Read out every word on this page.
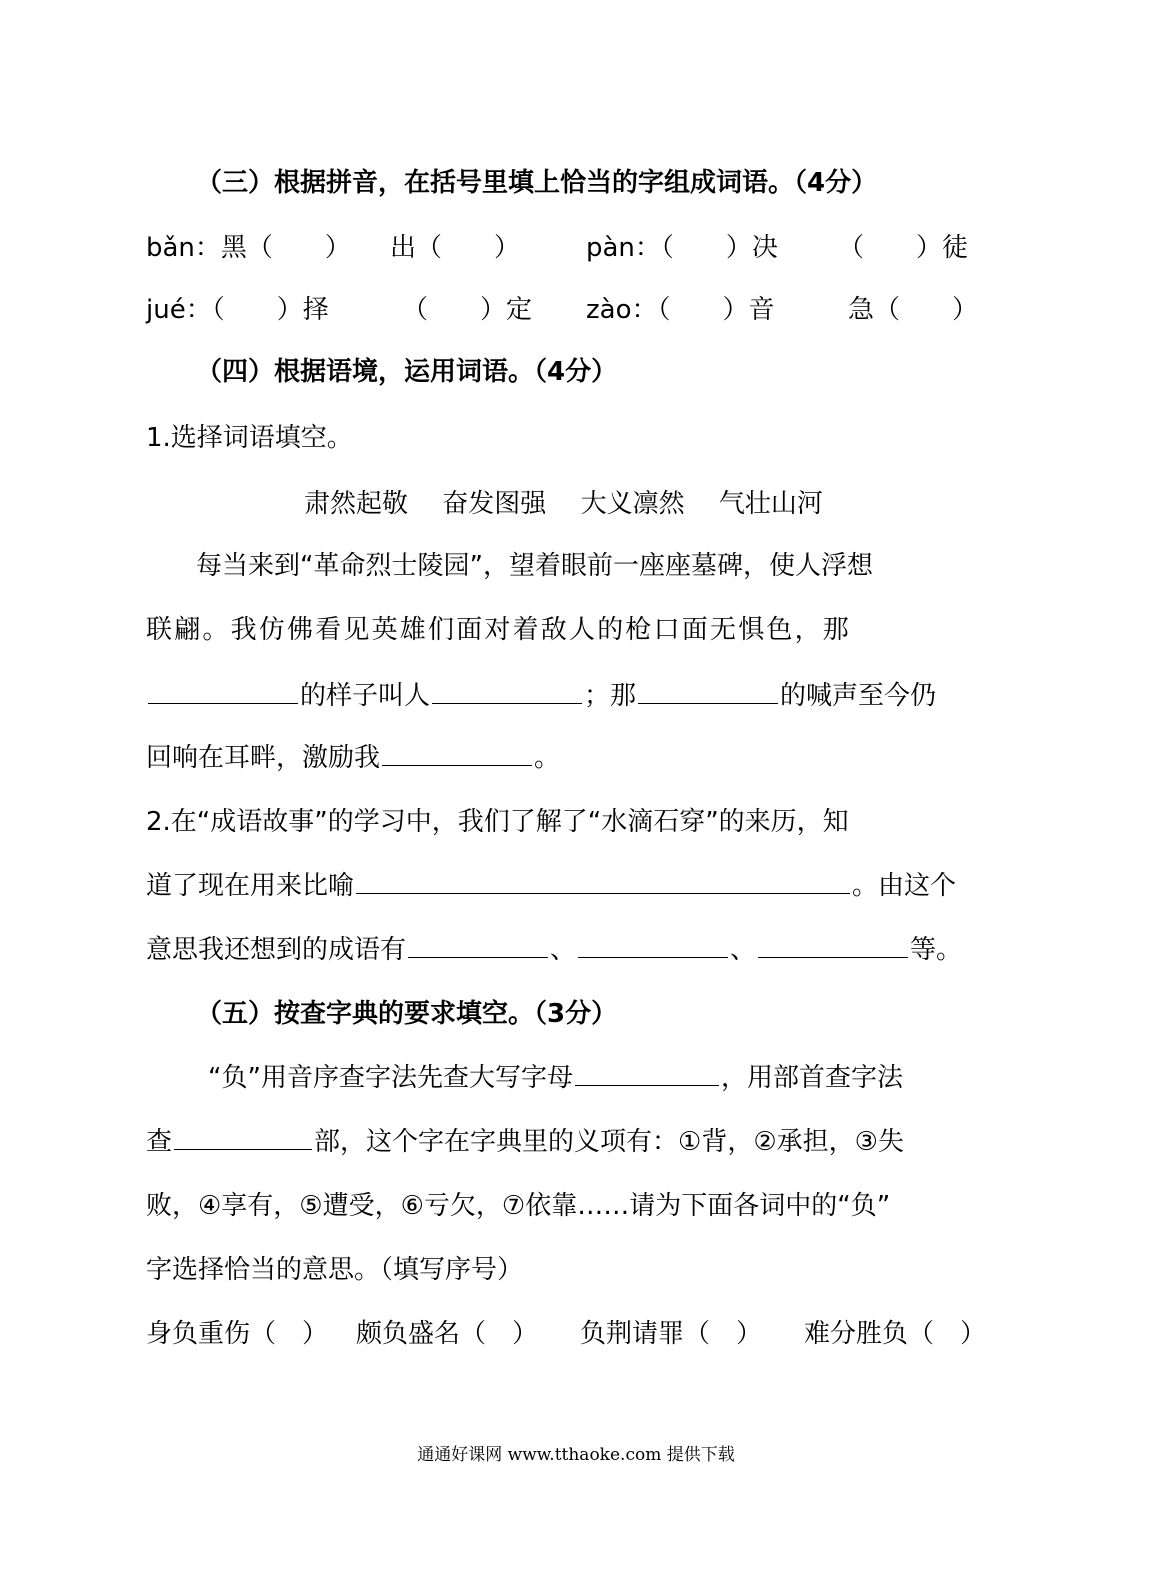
（三）根据拼音，在括号里填上恰当的字组成词语。（4分）
bǎn：黑（　　） 出（　　）	pàn：（　　）决 （　　）徒
jué：（　　）择	（　　）定 zào：（　　）音	急（　　）
（四）根据语境，运用词语。（4分）
1.选择词语填空。
肃然起敬 奋发图强 大义凛然 气壮山河
每当来到“革命烈士陵园”，望着眼前一座座墓碑，使人浮想
联翩。我仿佛看见英雄们面对着敌人的枪口面无惧色，那
的样子叫人	；那	的喊声至今仍
回响在耳畔，激励我	。
2.在“成语故事”的学习中，我们了解了“水滴石穿”的来历，知
道了现在用来比喻	。由这个
意思我还想到的成语有	、	、	等。
（五）按查字典的要求填空。（3分）
“负”用音序查字法先查大写字母	，用部首查字法
查	部，这个字在字典里的义项有：①背，②承担，③失
败，④享有，⑤遭受，⑥亏欠，⑦依靠……请为下面各词中的“负”
字选择恰当的意思。（填写序号）
身负重伤（　） 颇负盛名（　） 负荆请罪（　） 难分胜负（　）
通通好课网 www.tthaoke.com 提供下载
